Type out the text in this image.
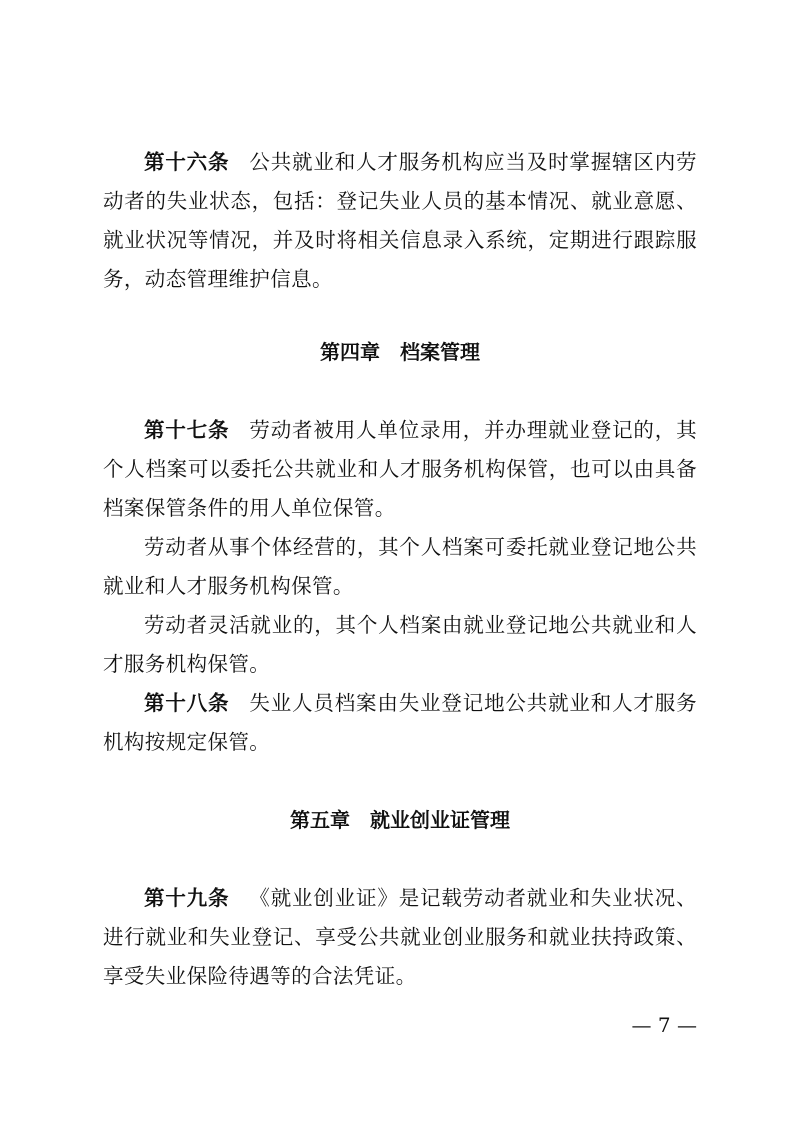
第十六条 公共就业和人才服务机构应当及时掌握辖区内劳动者的失业状态，包括：登记失业人员的基本情况、就业意愿、就业状况等情况，并及时将相关信息录入系统，定期进行跟踪服务，动态管理维护信息。

第四章 档案管理

第十七条 劳动者被用人单位录用，并办理就业登记的，其个人档案可以委托公共就业和人才服务机构保管，也可以由具备档案保管条件的用人单位保管。

劳动者从事个体经营的，其个人档案可委托就业登记地公共就业和人才服务机构保管。

劳动者灵活就业的，其个人档案由就业登记地公共就业和人才服务机构保管。

第十八条 失业人员档案由失业登记地公共就业和人才服务机构按规定保管。

第五章 就业创业证管理

第十九条 《就业创业证》是记载劳动者就业和失业状况、进行就业和失业登记、享受公共就业创业服务和就业扶持政策、享受失业保险待遇等的合法凭证。

— 7 —
